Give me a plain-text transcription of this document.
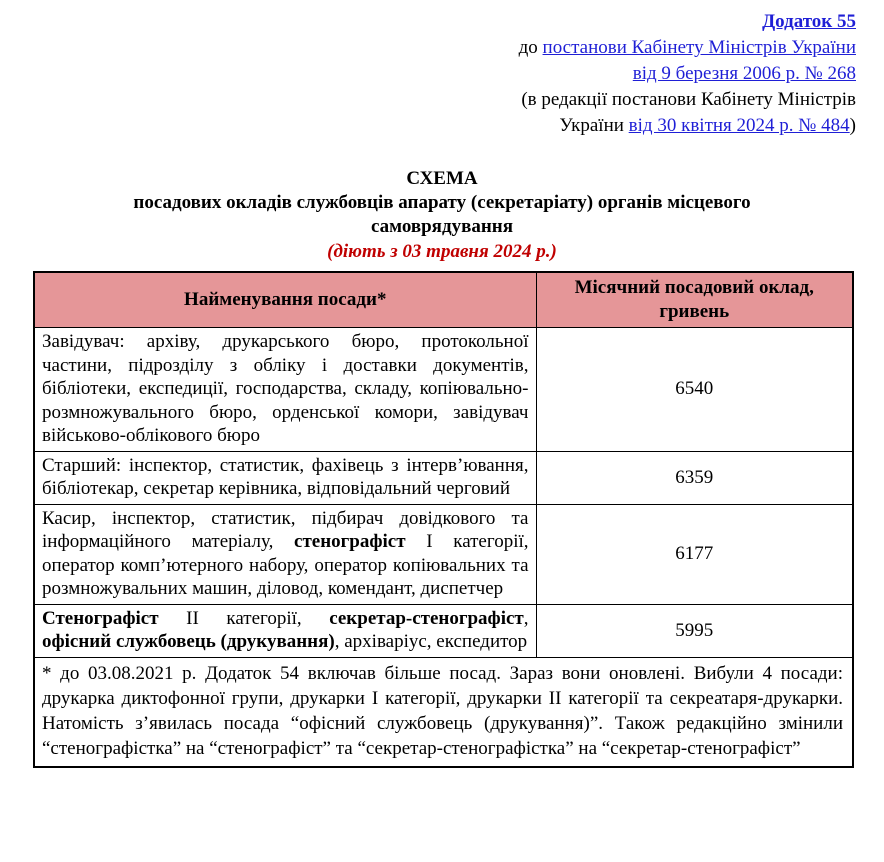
Додаток 55
до постанови Кабінету Міністрів України
від 9 березня 2006 р. № 268
(в редакції постанови Кабінету Міністрів
України від 30 квітня 2024 р. № 484)
СХЕМА
посадових окладів службовців апарату (секретаріату) органів місцевого самоврядування
(діють з 03 травня 2024 р.)
Найменування посади*	Місячний посадовий оклад, гривень
Завідувач: архіву, друкарського бюро, протокольної частини, підрозділу з обліку і доставки документів, бібліотеки, експедиції, господарства, складу, копіювально-розмножувального бюро, орденської комори, завідувач військово-облікового бюро	6540
Старший: інспектор, статистик, фахівець з інтерв’ювання, бібліотекар, секретар керівника, відповідальний черговий	6359
Касир, інспектор, статистик, підбирач довідкового та інформаційного матеріалу, стенографіст І категорії, оператор комп’ютерного набору, оператор копіювальних та розмножувальних машин, діловод, комендант, диспетчер	6177
Стенографіст ІІ категорії, секретар-стенографіст, офісний службовець (друкування), архіваріус, експедитор	5995
* до 03.08.2021 р. Додаток 54 включав більше посад. Зараз вони оновлені. Вибули 4 посади: друкарка диктофонної групи, друкарки І категорії, друкарки ІІ категорії та секреатаря-друкарки. Натомість з’явилась посада “офісний службовець (друкування)”. Також редакційно змінили “стенографістка” на “стенографіст” та “секретар-стенографістка” на “секретар-стенографіст”	
